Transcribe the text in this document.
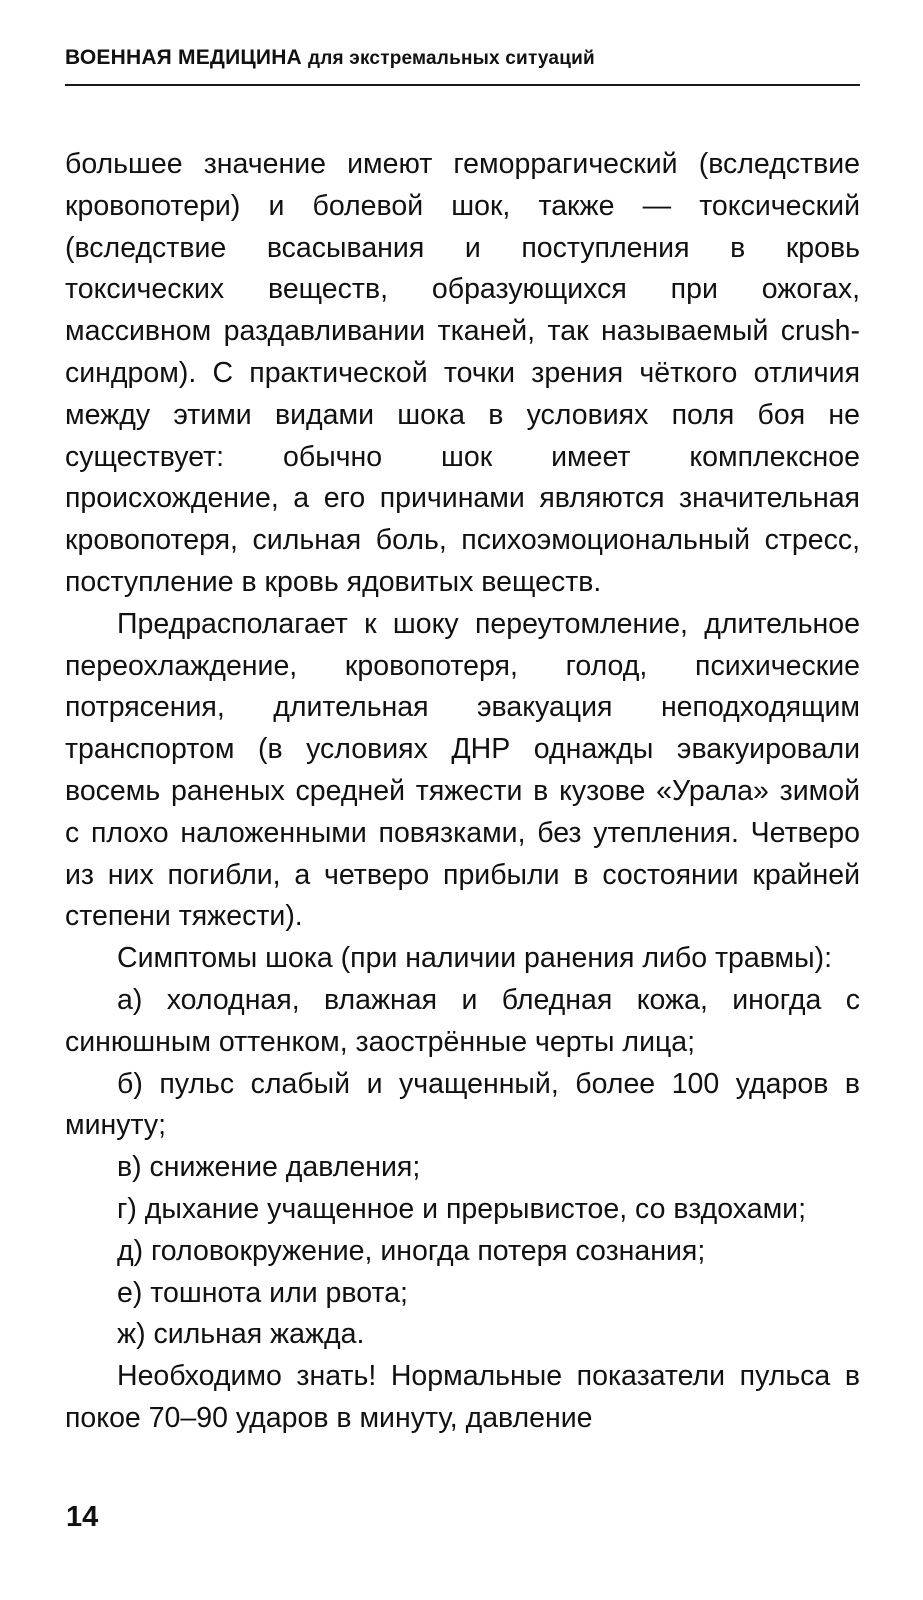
ВОЕННАЯ МЕДИЦИНА для экстремальных ситуаций

большее значение имеют геморрагический (вследствие кровопотери) и болевой шок, также — токсический (вследствие всасывания и поступления в кровь токсических веществ, образующихся при ожогах, массивном раздавливании тканей, так называемый crush-синдром). С практической точки зрения чёткого отличия между этими видами шока в условиях поля боя не существует: обычно шок имеет комплексное происхождение, а его причинами являются значительная кровопотеря, сильная боль, психоэмоциональный стресс, поступление в кровь ядовитых веществ.

Предрасполагает к шоку переутомление, длительное переохлаждение, кровопотеря, голод, психические потрясения, длительная эвакуация неподходящим транспортом (в условиях ДНР однажды эвакуировали восемь раненых средней тяжести в кузове «Урала» зимой с плохо наложенными повязками, без утепления. Четверо из них погибли, а четверо прибыли в состоянии крайней степени тяжести).

Симптомы шока (при наличии ранения либо травмы):

а) холодная, влажная и бледная кожа, иногда с синюшным оттенком, заострённые черты лица;

б) пульс слабый и учащенный, более 100 ударов в минуту;

в) снижение давления;

г) дыхание учащенное и прерывистое, со вздохами;

д) головокружение, иногда потеря сознания;

е) тошнота или рвота;

ж) сильная жажда.

Необходимо знать! Нормальные показатели пульса в покое 70–90 ударов в минуту, давление

14
